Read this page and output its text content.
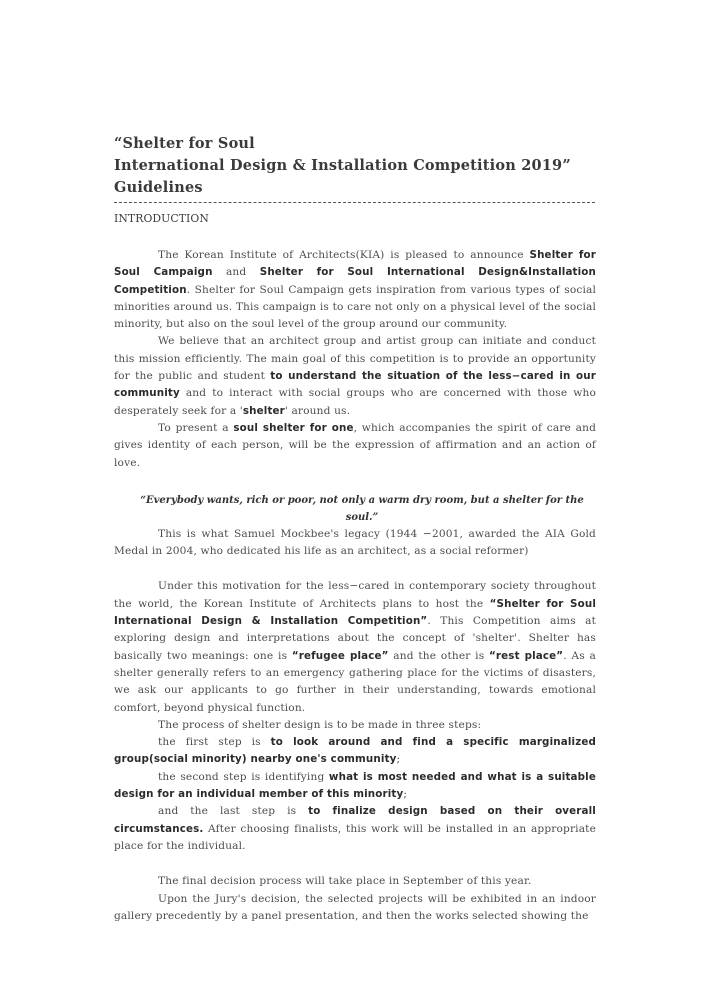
“Shelter for Soul
International Design & Installation Competition 2019” Guidelines
INTRODUCTION

The Korean Institute of Architects(KIA) is pleased to announce Shelter for Soul Campaign and Shelter for Soul International Design&Installation Competition. Shelter for Soul Campaign gets inspiration from various types of social minorities around us. This campaign is to care not only on a physical level of the social minority, but also on the soul level of the group around our community.

We believe that an architect group and artist group can initiate and conduct this mission efficiently. The main goal of this competition is to provide an opportunity for the public and student to understand the situation of the less−cared in our community and to interact with social groups who are concerned with those who desperately seek for a 'shelter' around us.

To present a soul shelter for one, which accompanies the spirit of care and gives identity of each person, will be the expression of affirmation and an action of love.

“Everybody wants, rich or poor, not only a warm dry room, but a shelter for the soul.”

This is what Samuel Mockbee's legacy (1944 −2001, awarded the AIA Gold Medal in 2004, who dedicated his life as an architect, as a social reformer)

Under this motivation for the less−cared in contemporary society throughout the world, the Korean Institute of Architects plans to host the “Shelter for Soul International Design & Installation Competition”. This Competition aims at exploring design and interpretations about the concept of 'shelter'. Shelter has basically two meanings: one is “refugee place” and the other is “rest place”. As a shelter generally refers to an emergency gathering place for the victims of disasters, we ask our applicants to go further in their understanding, towards emotional comfort, beyond physical function.

The process of shelter design is to be made in three steps:

the first step is to look around and find a specific marginalized group(social minority) nearby one's community;

the second step is identifying what is most needed and what is a suitable design for an individual member of this minority;

and the last step is to finalize design based on their overall circumstances. After choosing finalists, this work will be installed in an appropriate place for the individual.

The final decision process will take place in September of this year.

Upon the Jury's decision, the selected projects will be exhibited in an indoor gallery precedently by a panel presentation, and then the works selected showing the
